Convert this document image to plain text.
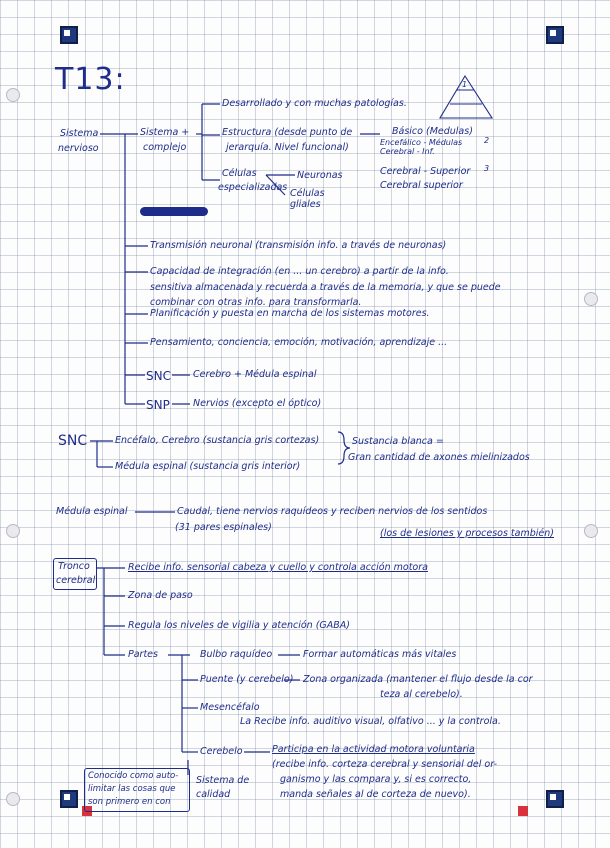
T13:
Sistema
nervioso
Sistema +
complejo
Desarrollado y con muchas patologías.
Estructura (desde punto de
jerarquía. Nivel funcional)
Básico (Medulas)
Encefálico - Médulas
Cerebral - Inf.
Cerebral - Superior
Cerebral superior
1
2
3
Células
especializadas
Neuronas
Células
gliales
Transmisión neuronal (transmisión info. a través de neuronas)
Capacidad de integración (en ... un cerebro) a partir de la info.
sensitiva almacenada y recuerda a través de la memoria, y que se puede
combinar con otras info. para transformarla.
Planificación y puesta en marcha de los sistemas motores.
Pensamiento, conciencia, emoción, motivación, aprendizaje ...
SNC Cerebro + Médula espinal
SNP Nervios (excepto el óptico)
SNC	Encéfalo, Cerebro (sustancia gris cortezas)
Médula espinal (sustancia gris interior)
Sustancia blanca =
Gran cantidad de axones mielinizados
Médula espinal	Caudal, tiene nervios raquídeos y reciben nervios de los sentidos
(31 pares espinales)
(los de lesiones y procesos también)
Tronco
cerebral
Recibe info. sensorial cabeza y cuello y controla acción motora
Zona de paso
Regula los niveles de vigilia y atención (GABA)
Partes	Bulbo raquídeo	Formar automáticas más vitales
Puente (y cerebelo) Zona organizada (mantener el flujo desde la cor
teza al cerebelo).
Mesencéfalo
La Recibe info. auditivo visual, olfativo ... y la controla.
Cerebelo	Participa en la actividad motora voluntaria
(recibe info. corteza cerebral y sensorial del or-
ganismo y las compara y, si es correcto,
manda señales al de corteza de nuevo).
Sistema de
calidad
Conocido como auto-
limitar las cosas que
son primero en con
